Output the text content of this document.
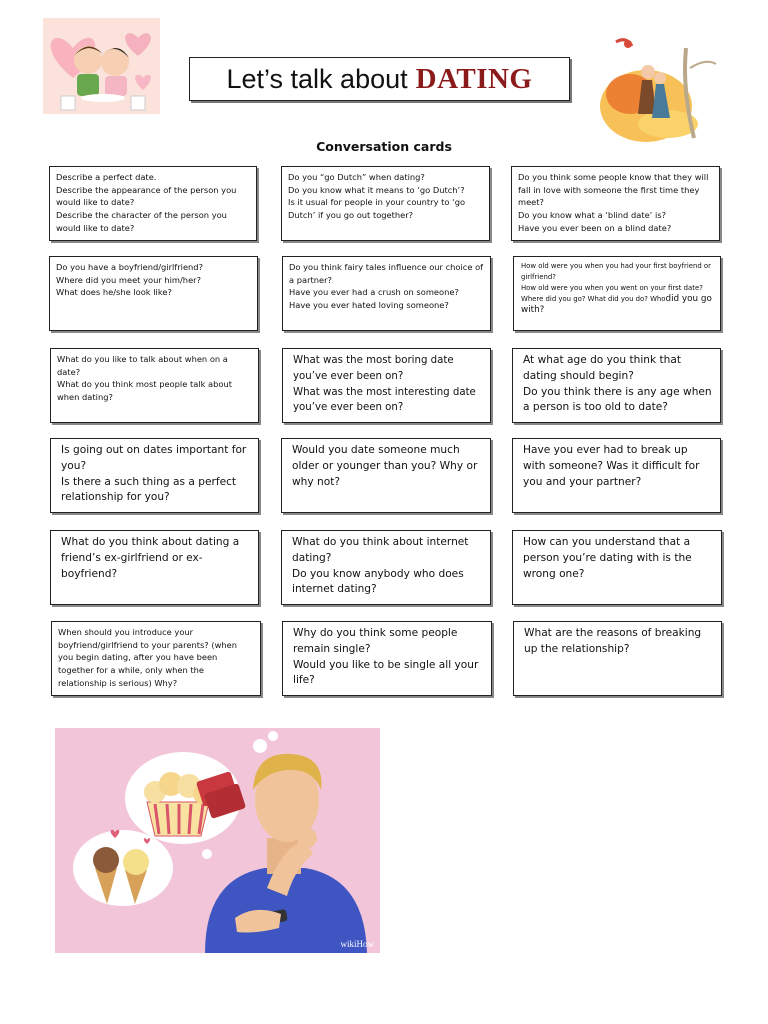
Let’s talk about DATING
Conversation cards
Describe a perfect date.
Describe the appearance of the person you would like to date?
Describe the character of the person you would like to date?
Do you “go Dutch” when dating?
Do you know what it means to ‘go Dutch’?
Is it usual for people in your country to ‘go Dutch’ if you go out together?
Do you think some people know that they will fall in love with someone the first time they meet?
Do you know what a ‘blind date’ is?
Have you ever been on a blind date?
Do you have a boyfriend/girlfriend?
Where did you meet your him/her?
What does he/she look like?
Do you think fairy tales influence our choice of a partner?
Have you ever had a crush on someone?
Have you ever hated loving someone?
How old were you when you had your first boyfriend or girlfriend?
How old were you when you went on your first date?
Where did you go? What did you do? Whodid you go with?
What do you like to talk about when on a date?
What do you think most people talk about when dating?
What was the most boring date you’ve ever been on?
What was the most interesting date you’ve ever been on?
At what age do you think that dating should begin?
Do you think there is any age when a person is too old to date?
Is going out on dates important for you?
Is there a such thing as a perfect relationship for you?
Would you date someone much older or younger than you? Why or why not?
Have you ever had to break up with someone? Was it difficult for you and your partner?
What do you think about dating a friend’s ex-girlfriend or ex-boyfriend?
What do you think about internet dating?
Do you know anybody who does internet dating?
How can you understand that a person you’re dating with is the wrong one?
When should you introduce your boyfriend/girlfriend to your parents? (when you begin dating, after you have been together for a while, only when the relationship is serious) Why?
Why do you think some people remain single?
Would you like to be single all your life?
What are the reasons of breaking up the relationship?
wikiHow
